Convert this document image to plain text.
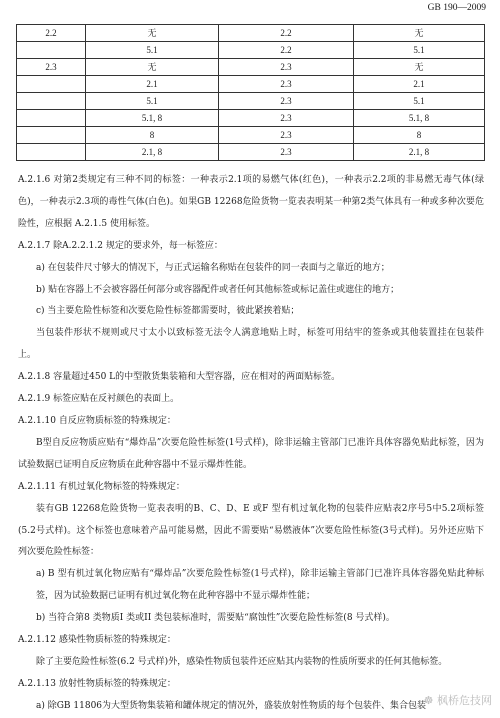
GB 190—2009
2.2	无	2.2	无
	5.1	2.2	5.1
2.3	无	2.3	无
	2.1	2.3	2.1
	5.1	2.3	5.1
	5.1, 8	2.3	5.1, 8
	8	2.3	8
	2.1, 8	2.3	2.1, 8

A.2.1.6 对第2类规定有三种不同的标签：一种表示2.1项的易燃气体(红色)，一种表示2.2项的非易燃无毒气体(绿色)，一种表示2.3项的毒性气体(白色)。如果GB 12268危险货物一览表表明某一种第2类气体具有一种或多种次要危险性，应根据 A.2.1.5 使用标签。

A.2.1.7 除A.2.2.1.2 规定的要求外，每一标签应：

a) 在包装件尺寸够大的情况下，与正式运输名称贴在包装件的同一表面与之靠近的地方；

b) 贴在容器上不会被容器任何部分或容器配件或者任何其他标签或标记盖住或遮住的地方；

c) 当主要危险性标签和次要危险性标签都需要时，彼此紧挨着贴；

当包装件形状不规则或尺寸太小以致标签无法令人满意地贴上时，标签可用结牢的签条或其他装置挂在包装件上。

A.2.1.8 容量超过450 L的中型散货集装箱和大型容器，应在相对的两面贴标签。

A.2.1.9 标签应贴在反衬颜色的表面上。

A.2.1.10 自反应物质标签的特殊规定：

B型自反应物质应贴有“爆炸品”次要危险性标签(1号式样)，除非运输主管部门已准许具体容器免贴此标签，因为试验数据已证明自反应物质在此种容器中不显示爆炸性能。

A.2.1.11 有机过氧化物标签的特殊规定：

装有GB 12268危险货物一览表表明的B、C、D、E 或F 型有机过氧化物的包装件应贴表2序号5中5.2项标签(5.2号式样)。这个标签也意味着产品可能易燃，因此不需要贴“易燃液体”次要危险性标签(3号式样)。另外还应贴下列次要危险性标签：

a) B 型有机过氧化物应贴有“爆炸品”次要危险性标签(1号式样)，除非运输主管部门已准许具体容器免贴此种标签，因为试验数据已证明有机过氧化物在此种容器中不显示爆炸性能；

b) 当符合第8 类物质I 类或II 类包装标准时，需要贴“腐蚀性”次要危险性标签(8 号式样)。

A.2.1.12 感染性物质标签的特殊规定：

除了主要危险性标签(6.2 号式样)外，感染性物质包装件还应贴其内装物的性质所要求的任何其他标签。

A.2.1.13 放射性物质标签的特殊规定：

a) 除GB 11806为大型货物集装箱和罐体规定的情况外，盛装放射性物质的每个包装件、集合包装

☸ 枫桥危技网
